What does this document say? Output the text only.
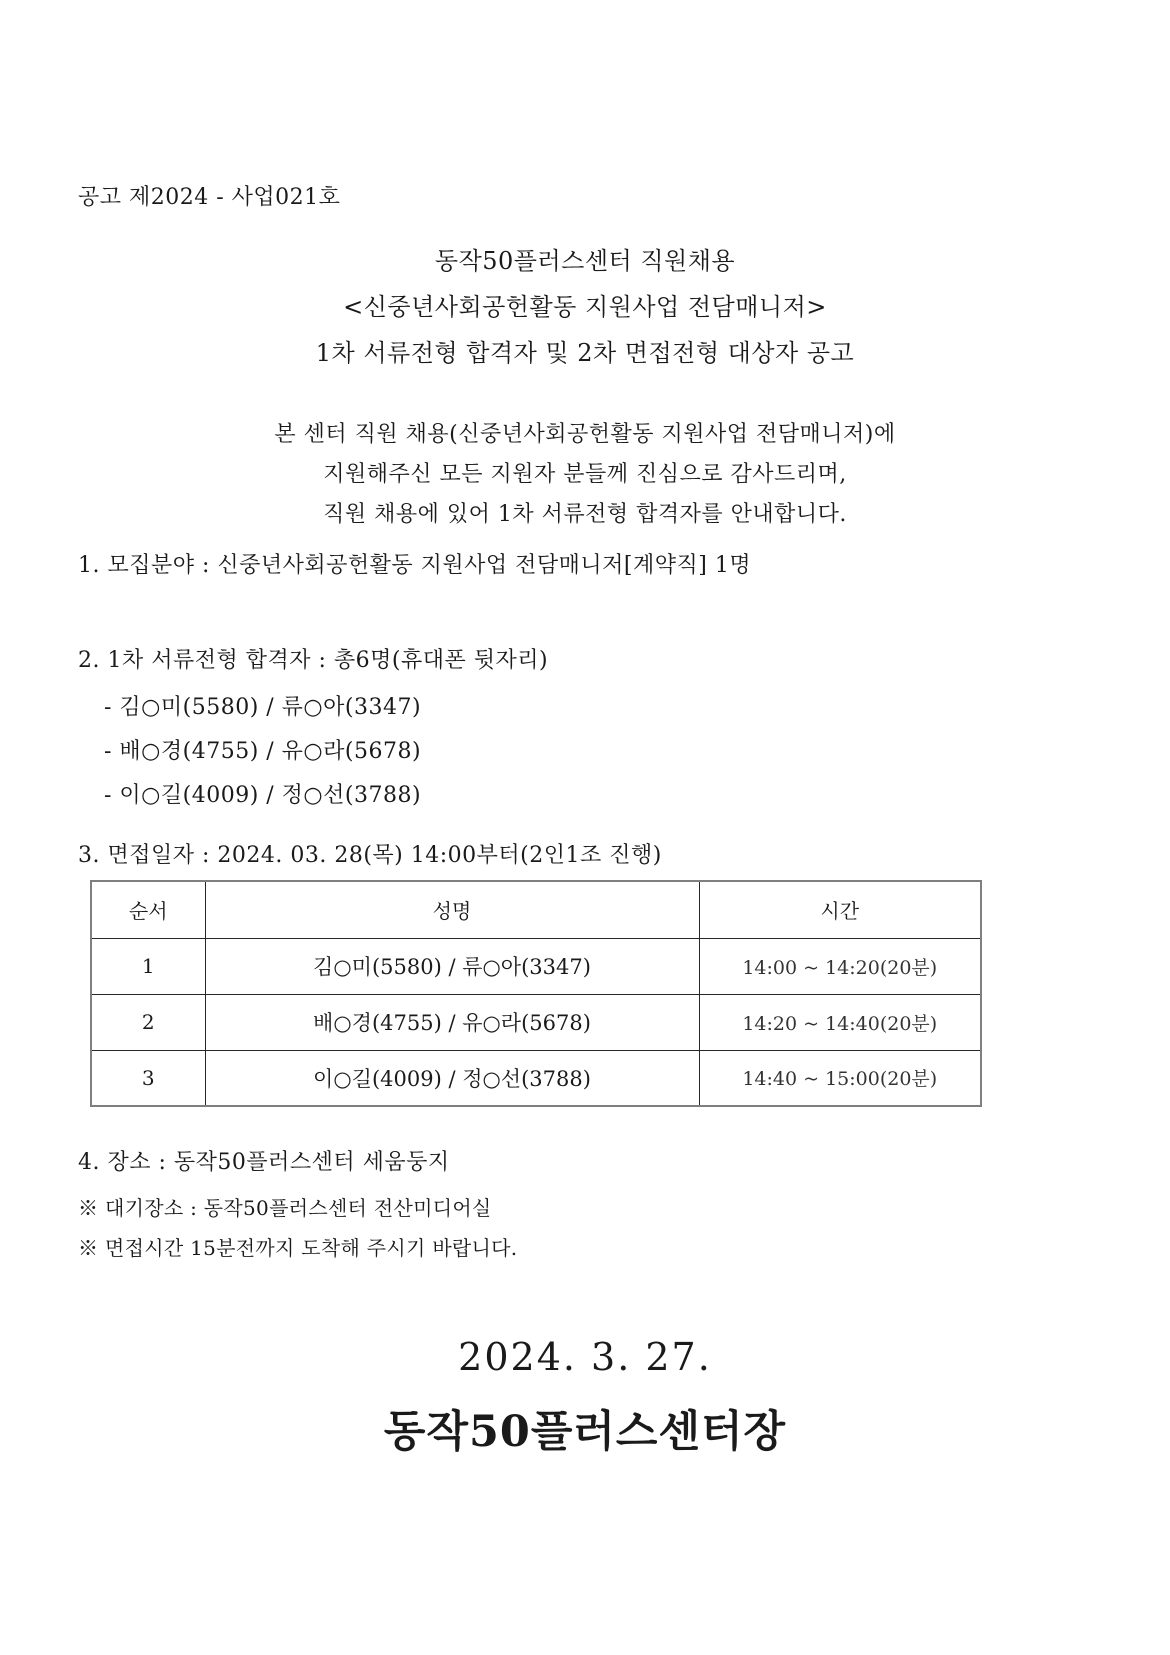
공고 제2024 - 사업021호
동작50플러스센터 직원채용
<신중년사회공헌활동 지원사업 전담매니저>
1차 서류전형 합격자 및 2차 면접전형 대상자 공고
본 센터 직원 채용(신중년사회공헌활동 지원사업 전담매니저)에
지원해주신 모든 지원자 분들께 진심으로 감사드리며,
직원 채용에 있어 1차 서류전형 합격자를 안내합니다.
1. 모집분야 : 신중년사회공헌활동 지원사업 전담매니저[계약직] 1명
2. 1차 서류전형 합격자 : 총6명(휴대폰 뒷자리)
- 김○미(5580) / 류○아(3347)
- 배○경(4755) / 유○라(5678)
- 이○길(4009) / 정○선(3788)
3. 면접일자 : 2024. 03. 28(목) 14:00부터(2인1조 진행)
순서	성명	시간
1	김○미(5580) / 류○아(3347)	14:00 ~ 14:20(20분)
2	배○경(4755) / 유○라(5678)	14:20 ~ 14:40(20분)
3	이○길(4009) / 정○선(3788)	14:40 ~ 15:00(20분)
4. 장소 : 동작50플러스센터 세움둥지
※ 대기장소 : 동작50플러스센터 전산미디어실
※ 면접시간 15분전까지 도착해 주시기 바랍니다.
2024. 3. 27.
동작50플러스센터장
